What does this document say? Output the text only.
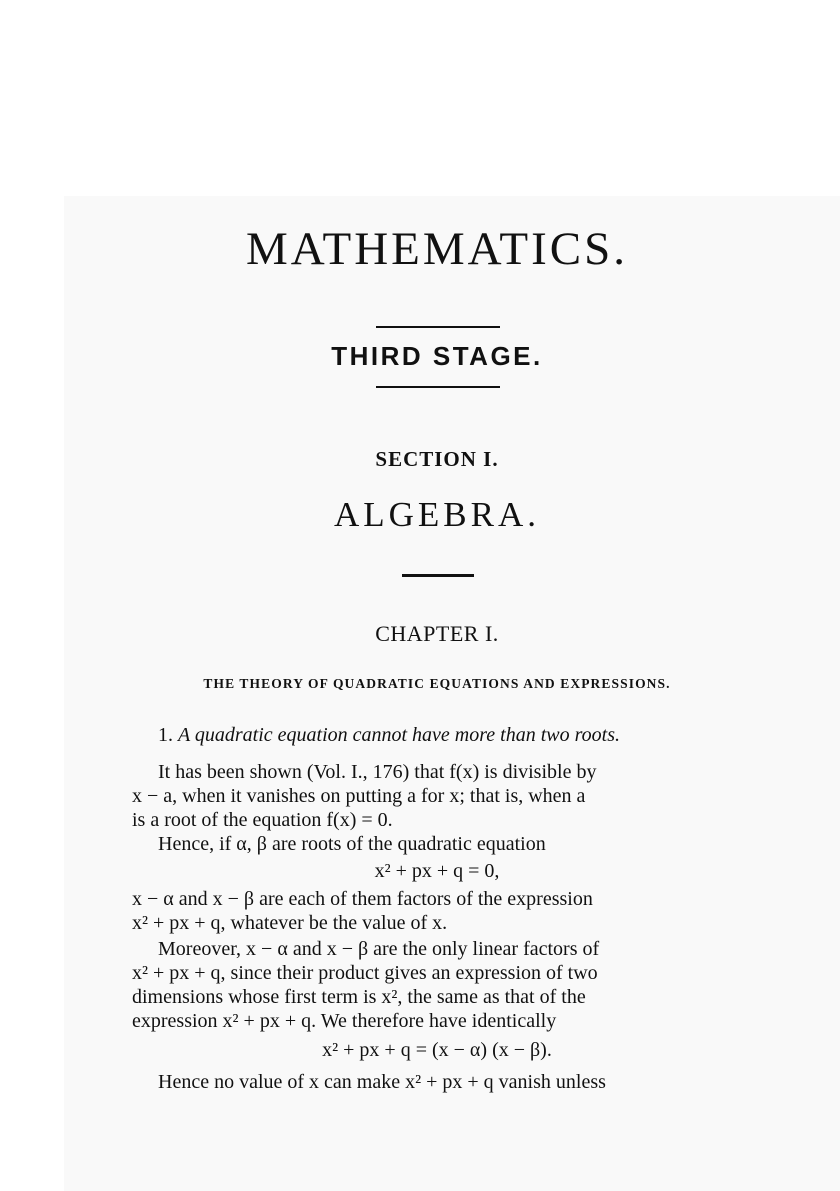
MATHEMATICS.
THIRD STAGE.
SECTION I.
ALGEBRA.
CHAPTER I.
THE THEORY OF QUADRATIC EQUATIONS AND EXPRESSIONS.
1. A quadratic equation cannot have more than two roots.
It has been shown (Vol. I., 176) that f(x) is divisible by
x − a, when it vanishes on putting a for x; that is, when a
is a root of the equation f(x) = 0.
Hence, if α, β are roots of the quadratic equation
x² + px + q = 0,
x − α and x − β are each of them factors of the expression
x² + px + q, whatever be the value of x.
Moreover, x − α and x − β are the only linear factors of
x² + px + q, since their product gives an expression of two
dimensions whose first term is x², the same as that of the
expression x² + px + q. We therefore have identically
x² + px + q = (x − α) (x − β).
Hence no value of x can make x² + px + q vanish unless
